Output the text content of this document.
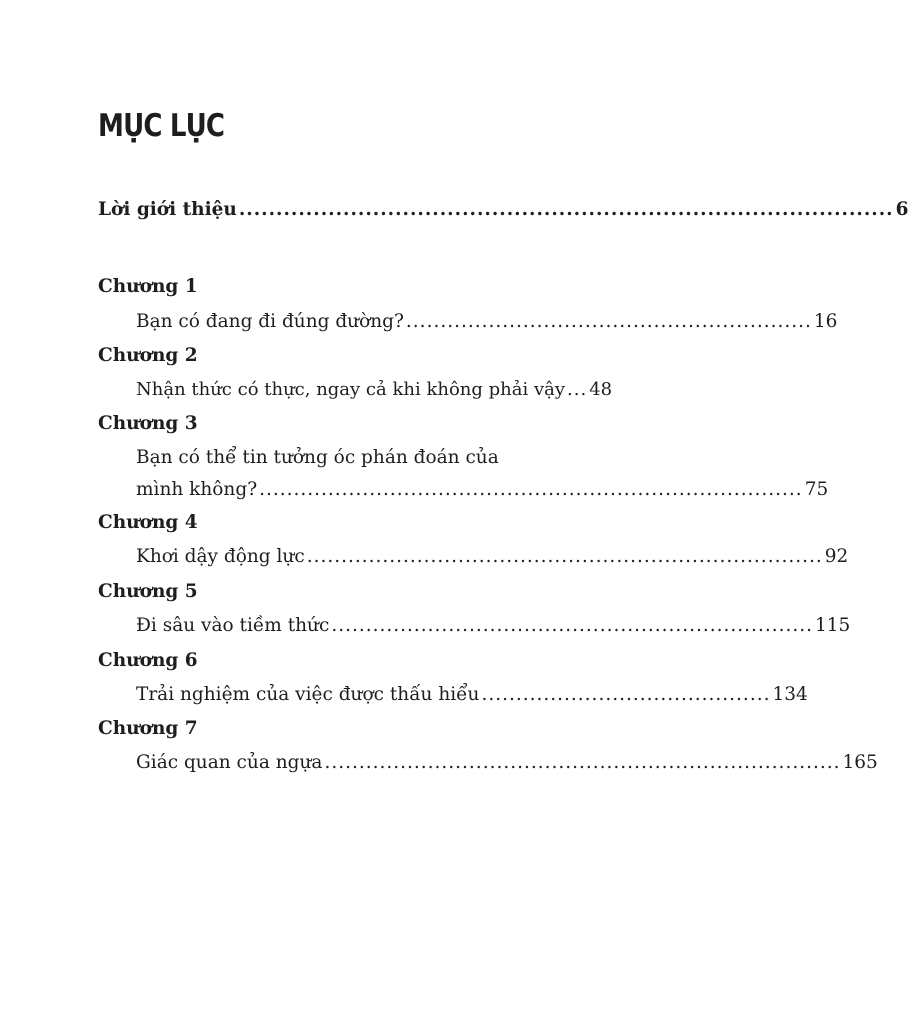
MỤC LỤC
Lời giới thiệu ........................................................................................ 6
Chương 1
Bạn có đang đi đúng đường? ........................................................... 16
Chương 2
Nhận thức có thực, ngay cả khi không phải vậy ... 48
Chương 3
Bạn có thể tin tưởng óc phán đoán của
mình không? ............................................................................... 75
Chương 4
Khơi dậy động lực ........................................................................... 92
Chương 5
Đi sâu vào tiềm thức ...................................................................... 115
Chương 6
Trải nghiệm của việc được thấu hiểu .......................................... 134
Chương 7
Giác quan của ngựa ........................................................................... 165
